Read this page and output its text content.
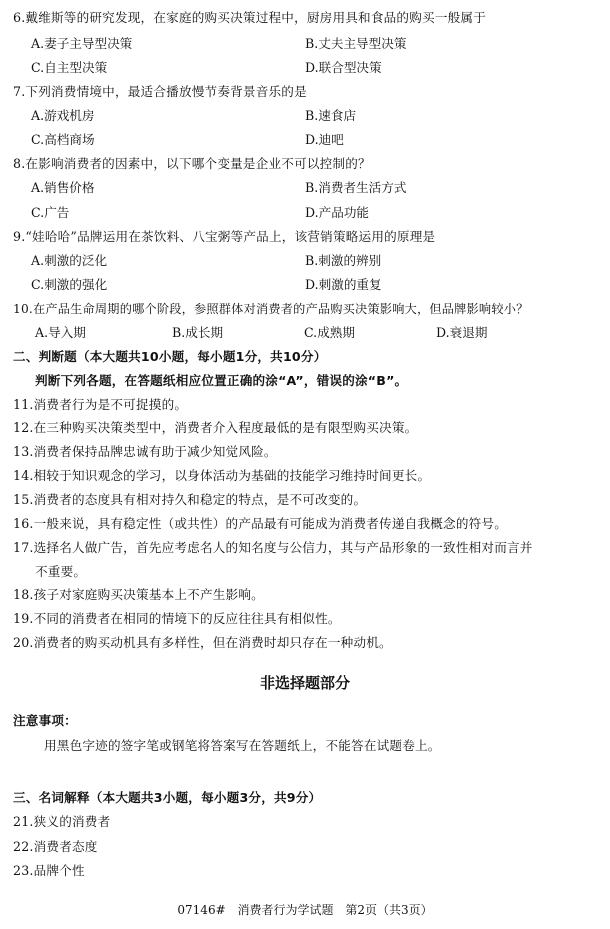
6.戴维斯等的研究发现，在家庭的购买决策过程中，厨房用具和食品的购买一般属于
A.妻子主导型决策	B.丈夫主导型决策
C.自主型决策	D.联合型决策
7.下列消费情境中，最适合播放慢节奏背景音乐的是
A.游戏机房	B.速食店
C.高档商场	D.迪吧
8.在影响消费者的因素中，以下哪个变量是企业不可以控制的？
A.销售价格	B.消费者生活方式
C.广告	D.产品功能
9.“娃哈哈”品牌运用在茶饮料、八宝粥等产品上，该营销策略运用的原理是
A.刺激的泛化	B.刺激的辨别
C.刺激的强化	D.刺激的重复
10.在产品生命周期的哪个阶段，参照群体对消费者的产品购买决策影响大，但品牌影响较小？
A.导入期	B.成长期	C.成熟期	D.衰退期
二、判断题（本大题共10小题，每小题1分，共10分）
判断下列各题，在答题纸相应位置正确的涂“A”，错误的涂“B”。
11.消费者行为是不可捉摸的。
12.在三种购买决策类型中，消费者介入程度最低的是有限型购买决策。
13.消费者保持品牌忠诚有助于减少知觉风险。
14.相较于知识观念的学习，以身体活动为基础的技能学习维持时间更长。
15.消费者的态度具有相对持久和稳定的特点，是不可改变的。
16.一般来说，具有稳定性（或共性）的产品最有可能成为消费者传递自我概念的符号。
17.选择名人做广告，首先应考虑名人的知名度与公信力，其与产品形象的一致性相对而言并
不重要。
18.孩子对家庭购买决策基本上不产生影响。
19.不同的消费者在相同的情境下的反应往往具有相似性。
20.消费者的购买动机具有多样性，但在消费时却只存在一种动机。
非选择题部分
注意事项：
用黑色字迹的签字笔或钢笔将答案写在答题纸上，不能答在试题卷上。
三、名词解释（本大题共3小题，每小题3分，共9分）
21.狭义的消费者
22.消费者态度
23.品牌个性
07146# 消费者行为学试题 第2页（共3页）
